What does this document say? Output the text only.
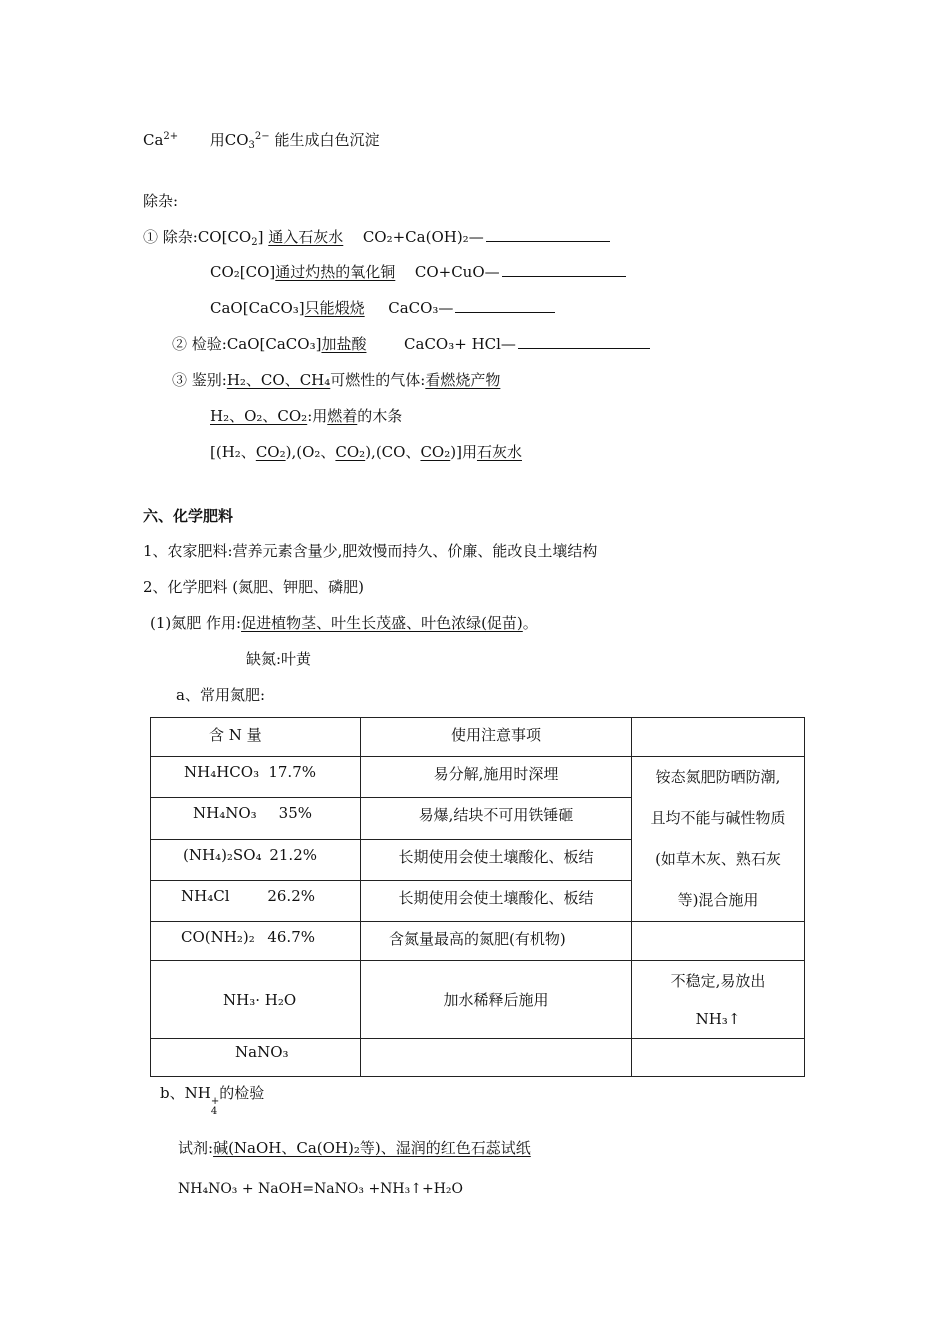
$Ca^{2+}$ 用$CO_3^{2-}$ 能生成白色沉淀
除杂:
① 除杂$:CO[CO_2]$ 通入石灰水 CO₂+Ca(OH)₂—
CO₂[CO]通过灼热的氧化铜 CO+CuO—
CaO[CaCO₃]只能煅烧 CaCO₃—
② 检验:CaO[CaCO₃]加盐酸	CaCO₃+ HCl—
③ 鉴别:H₂、CO、CH₄可燃性的气体:看燃烧产物
H₂、O₂、CO₂:用燃着的木条
[(H₂、CO₂),(O₂、CO₂),(CO、CO₂)]用石灰水
六、化学肥料
1、农家肥料:营养元素含量少,肥效慢而持久、价廉、能改良土壤结构
2、化学肥料 (氮肥、钾肥、磷肥)
(1)氮肥 作用:促进植物茎、叶生长茂盛、叶色浓绿(促苗)。
缺氮:叶黄
a、常用氮肥:
含 N 量	使用注意事项	
NH₄HCO₃ 17.7%	易分解,施用时深埋	铵态氮肥防晒防潮,
且均不能与碱性物质
(如草木灰、熟石灰
等)混合施用

NH₄NO₃ 35%	易爆,结块不可用铁锤砸	
(NH₄)₂SO₄ 21.2%	长期使用会使土壤酸化、板结	
NH₄Cl 26.2%	长期使用会使土壤酸化、板结	
CO(NH₂)₂ 46.7%	含氮量最高的氮肥(有机物)	
NH₃· H₂O	加水稀释后施用	不稳定,易放出
NH₃↑

NaNO₃		
b、NH +
4
的检验
试剂:碱(NaOH、Ca(OH)₂等)、湿润的红色石蕊试纸
NH₄NO₃ + NaOH=NaNO₃ +NH₃↑+H₂O
